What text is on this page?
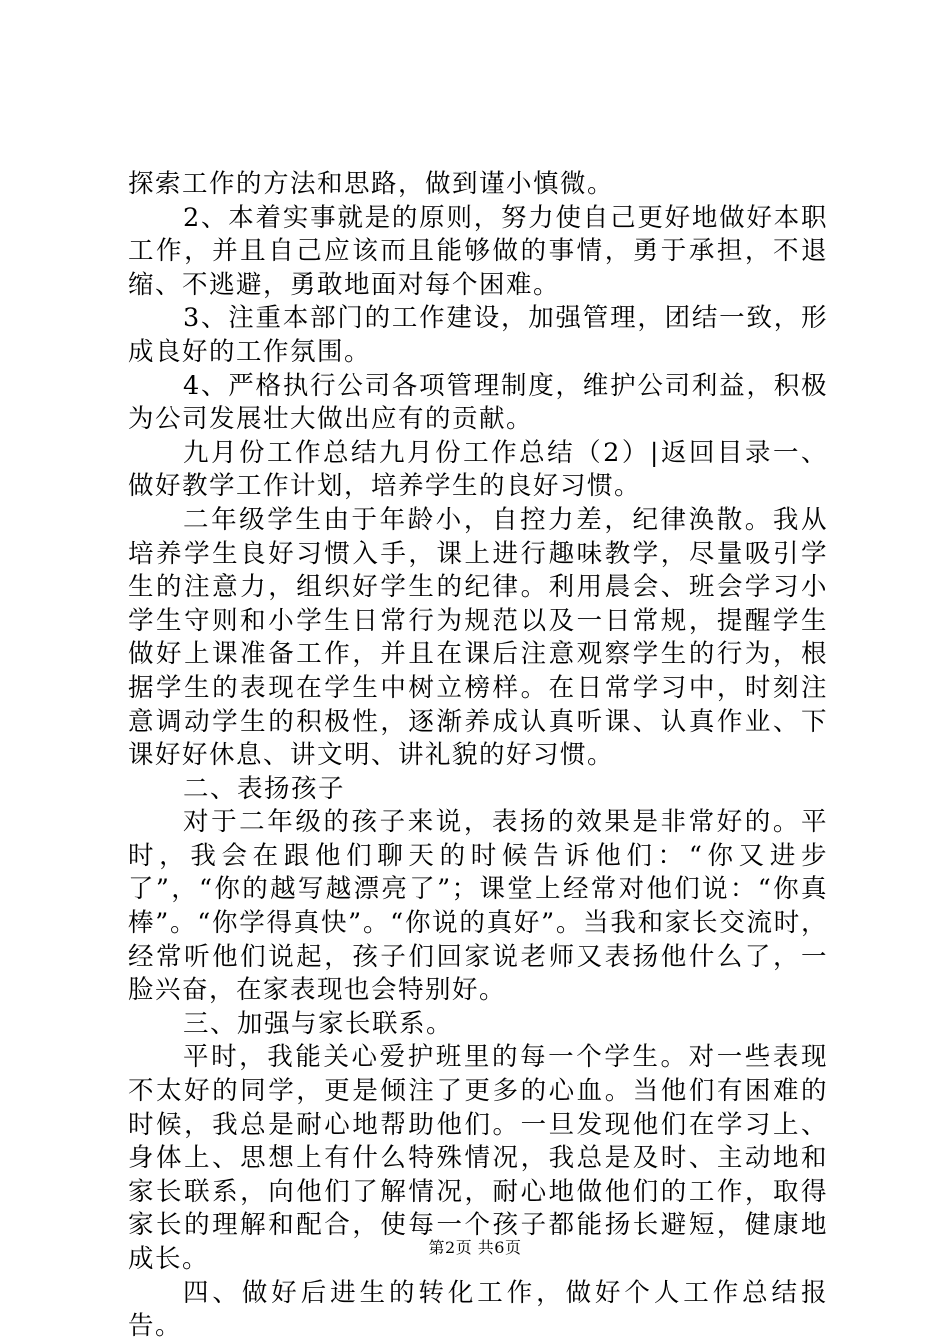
探索工作的方法和思路，做到谨小慎微。

2、本着实事就是的原则，努力使自己更好地做好本职工作，并且自己应该而且能够做的事情，勇于承担，不退缩、不逃避，勇敢地面对每个困难。

3、注重本部门的工作建设，加强管理，团结一致，形成良好的工作氛围。

4、严格执行公司各项管理制度，维护公司利益，积极为公司发展壮大做出应有的贡献。

九月份工作总结九月份工作总结（2）|返回目录一、做好教学工作计划，培养学生的良好习惯。

二年级学生由于年龄小，自控力差，纪律涣散。我从培养学生良好习惯入手，课上进行趣味教学，尽量吸引学生的注意力，组织好学生的纪律。利用晨会、班会学习小学生守则和小学生日常行为规范以及一日常规，提醒学生做好上课准备工作，并且在课后注意观察学生的行为，根据学生的表现在学生中树立榜样。在日常学习中，时刻注意调动学生的积极性，逐渐养成认真听课、认真作业、下课好好休息、讲文明、讲礼貌的好习惯。

二、表扬孩子

对于二年级的孩子来说，表扬的效果是非常好的。平时，我会在跟他们聊天的时候告诉他们：“你又进步了”，“你的越写越漂亮了”；课堂上经常对他们说：“你真棒”。“你学得真快”。“你说的真好”。当我和家长交流时，经常听他们说起，孩子们回家说老师又表扬他什么了，一脸兴奋，在家表现也会特别好。

三、加强与家长联系。

平时，我能关心爱护班里的每一个学生。对一些表现不太好的同学，更是倾注了更多的心血。当他们有困难的时候，我总是耐心地帮助他们。一旦发现他们在学习上、身体上、思想上有什么特殊情况，我总是及时、主动地和家长联系，向他们了解情况，耐心地做他们的工作，取得家长的理解和配合，使每一个孩子都能扬长避短，健康地成长。

四、做好后进生的转化工作，做好个人工作总结报告。

第2页 共6页
